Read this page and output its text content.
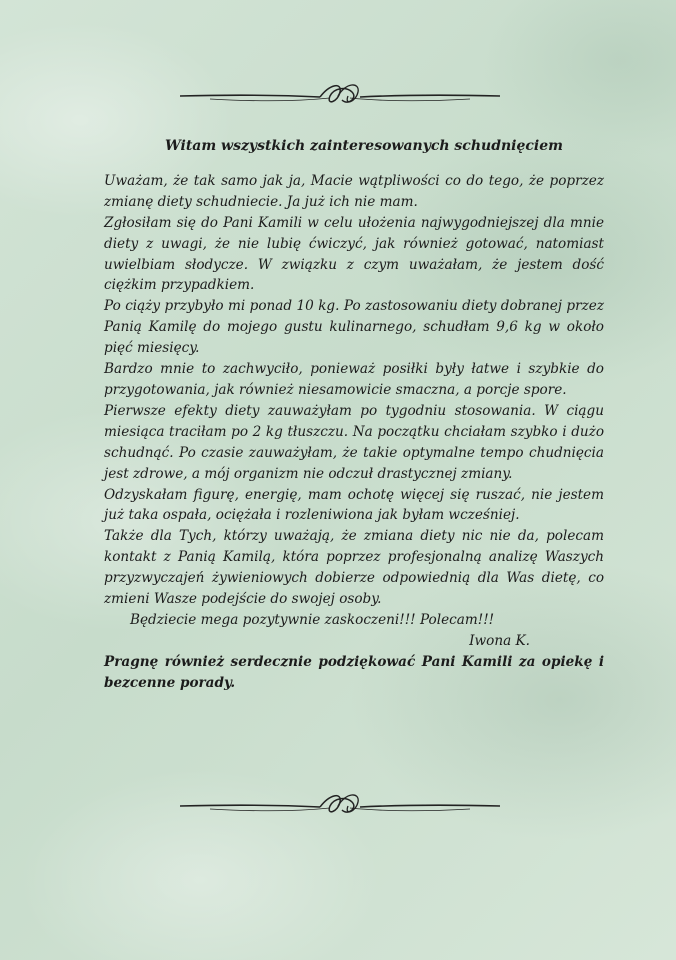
Witam wszystkich zainteresowanych schudnięciem

Uważam, że tak samo jak ja, Macie wątpliwości co do tego, że poprzez zmianę diety schudniecie. Ja już ich nie mam.

Zgłosiłam się do Pani Kamili w celu ułożenia najwygodniejszej dla mnie diety z uwagi, że nie lubię ćwiczyć, jak również gotować, natomiast uwielbiam słodycze. W związku z czym uważałam, że jestem dość ciężkim przypadkiem.

Po ciąży przybyło mi ponad 10 kg. Po zastosowaniu diety dobranej przez Panią Kamilę do mojego gustu kulinarnego, schudłam 9,6 kg w około pięć miesięcy.

Bardzo mnie to zachwyciło, ponieważ posiłki były łatwe i szybkie do przygotowania, jak również niesamowicie smaczna, a porcje spore.

Pierwsze efekty diety zauważyłam po tygodniu stosowania. W ciągu miesiąca traciłam po 2 kg tłuszczu. Na początku chciałam szybko i dużo schudnąć. Po czasie zauważyłam, że takie optymalne tempo chudnięcia jest zdrowe, a mój organizm nie odczuł drastycznej zmiany.

Odzyskałam figurę, energię, mam ochotę więcej się ruszać, nie jestem już taka ospała, ociężała i rozleniwiona jak byłam wcześniej.

Także dla Tych, którzy uważają, że zmiana diety nic nie da, polecam kontakt z Panią Kamilą, która poprzez profesjonalną analizę Waszych przyzwyczajeń żywieniowych dobierze odpowiednią dla Was dietę, co zmieni Wasze podejście do swojej osoby.

Będziecie mega pozytywnie zaskoczeni!!! Polecam!!!

Iwona K.

Pragnę również serdecznie podziękować Pani Kamili za opiekę i bezcenne porady.
